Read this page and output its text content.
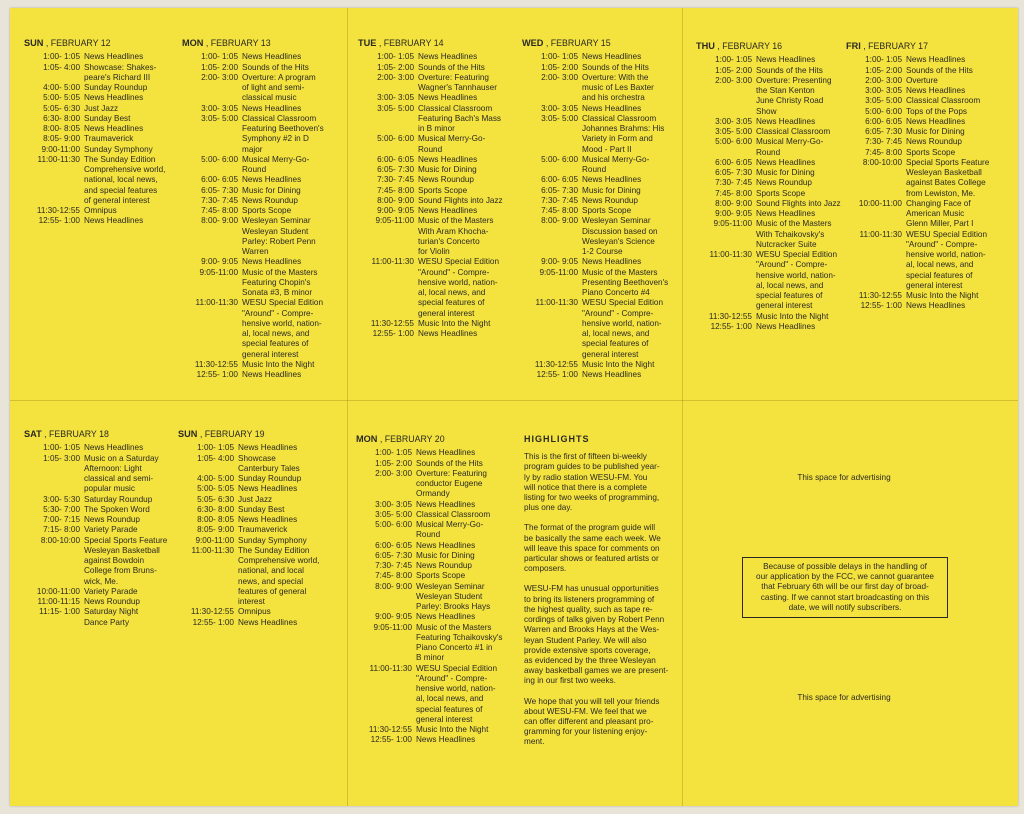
SUN , FEBRUARY 12
1:00- 1:05 News Headlines
1:05- 4:00 Showcase: Shakes-
peare's Richard III
4:00- 5:00 Sunday Roundup
5:00- 5:05 News Headlines
5:05- 6:30 Just Jazz
6:30- 8:00 Sunday Best
8:00- 8:05 News Headlines
8:05- 9:00 Traumaverick
9:00-11:00 Sunday Symphony
11:00-11:30 The Sunday Edition
Comprehensive world,
national, local news,
and special features
of general interest
11:30-12:55 Omnipus
12:55- 1:00 News Headlines
MON , FEBRUARY 13
1:00- 1:05 News Headlines
1:05- 2:00 Sounds of the Hits
2:00- 3:00 Overture: A program
of light and semi-
classical music
3:00- 3:05 News Headlines
3:05- 5:00 Classical Classroom
Featuring Beethoven's
Symphony #2 in D
major
5:00- 6:00 Musical Merry-Go-
Round
6:00- 6:05 News Headlines
6:05- 7:30 Music for Dining
7:30- 7:45 News Roundup
7:45- 8:00 Sports Scope
8:00- 9:00 Wesleyan Seminar
Wesleyan Student
Parley: Robert Penn
Warren
9:00- 9:05 News Headlines
9:05-11:00 Music of the Masters
Featuring Chopin's
Sonata #3, B minor
11:00-11:30 WESU Special Edition
"Around" - Compre-
hensive world, nation-
al, local news, and
special features of
general interest
11:30-12:55 Music Into the Night
12:55- 1:00 News Headlines
TUE , FEBRUARY 14
1:00- 1:05 News Headlines
1:05- 2:00 Sounds of the Hits
2:00- 3:00 Overture: Featuring
Wagner's Tannhauser
3:00- 3:05 News Headlines
3:05- 5:00 Classical Classroom
Featuring Bach's Mass
in B minor
5:00- 6:00 Musical Merry-Go-
Round
6:00- 6:05 News Headlines
6:05- 7:30 Music for Dining
7:30- 7:45 News Roundup
7:45- 8:00 Sports Scope
8:00- 9:00 Sound Flights into Jazz
9:00- 9:05 News Headlines
9:05-11:00 Music of the Masters
With Aram Khocha-
turian's Concerto
for Violin
11:00-11:30 WESU Special Edition
"Around" - Compre-
hensive world, nation-
al, local news, and
special features of
general interest
11:30-12:55 Music Into the Night
12:55- 1:00 News Headlines
WED , FEBRUARY 15
1:00- 1:05 News Headlines
1:05- 2:00 Sounds of the Hits
2:00- 3:00 Overture: With the
music of Les Baxter
and his orchestra
3:00- 3:05 News Headlines
3:05- 5:00 Classical Classroom
Johannes Brahms: His
Variety in Form and
Mood - Part II
5:00- 6:00 Musical Merry-Go-
Round
6:00- 6:05 News Headlines
6:05- 7:30 Music for Dining
7:30- 7:45 News Roundup
7:45- 8:00 Sports Scope
8:00- 9:00 Wesleyan Seminar
Discussion based on
Wesleyan's Science
1-2 Course
9:00- 9:05 News Headlines
9:05-11:00 Music of the Masters
Presenting Beethoven's
Piano Concerto #4
11:00-11:30 WESU Special Edition
"Around" - Compre-
hensive world, nation-
al, local news, and
special features of
general interest
11:30-12:55 Music Into the Night
12:55- 1:00 News Headlines
THU , FEBRUARY 16
1:00- 1:05 News Headlines
1:05- 2:00 Sounds of the Hits
2:00- 3:00 Overture: Presenting
the Stan Kenton
June Christy Road
Show
3:00- 3:05 News Headlines
3:05- 5:00 Classical Classroom
5:00- 6:00 Musical Merry-Go-
Round
6:00- 6:05 News Headlines
6:05- 7:30 Music for Dining
7:30- 7:45 News Roundup
7:45- 8:00 Sports Scope
8:00- 9:00 Sound Flights into Jazz
9:00- 9:05 News Headlines
9:05-11:00 Music of the Masters
With Tchaikovsky's
Nutcracker Suite
11:00-11:30 WESU Special Edition
"Around" - Compre-
hensive world, nation-
al, local news, and
special features of
general interest
11:30-12:55 Music Into the Night
12:55- 1:00 News Headlines
FRI , FEBRUARY 17
1:00- 1:05 News Headlines
1:05- 2:00 Sounds of the Hits
2:00- 3:00 Overture
3:00- 3:05 News Headlines
3:05- 5:00 Classical Classroom
5:00- 6:00 Tops of the Pops
6:00- 6:05 News Headlines
6:05- 7:30 Music for Dining
7:30- 7:45 News Roundup
7:45- 8:00 Sports Scope
8:00-10:00 Special Sports Feature
Wesleyan Basketball
against Bates College
from Lewiston, Me.
10:00-11:00 Changing Face of
American Music
Glenn Miller, Part I
11:00-11:30 WESU Special Edition
"Around" - Compre-
hensive world, nation-
al, local news, and
special features of
general interest
11:30-12:55 Music Into the Night
12:55- 1:00 News Headlines
SAT , FEBRUARY 18
1:00- 1:05 News Headlines
1:05- 3:00 Music on a Saturday
Afternoon: Light
classical and semi-
popular music
3:00- 5:30 Saturday Roundup
5:30- 7:00 The Spoken Word
7:00- 7:15 News Roundup
7:15- 8:00 Variety Parade
8:00-10:00 Special Sports Feature
Wesleyan Basketball
against Bowdoin
College from Bruns-
wick, Me.
10:00-11:00 Variety Parade
11:00-11:15 News Roundup
11:15- 1:00 Saturday Night
Dance Party
SUN , FEBRUARY 19
1:00- 1:05 News Headlines
1:05- 4:00 Showcase
Canterbury Tales
4:00- 5:00 Sunday Roundup
5:00- 5:05 News Headlines
5:05- 6:30 Just Jazz
6:30- 8:00 Sunday Best
8:00- 8:05 News Headlines
8:05- 9:00 Traumaverick
9:00-11:00 Sunday Symphony
11:00-11:30 The Sunday Edition
Comprehensive world,
national, and local
news, and special
features of general
interest
11:30-12:55 Omnipus
12:55- 1:00 News Headlines
MON , FEBRUARY 20
1:00- 1:05 News Headlines
1:05- 2:00 Sounds of the Hits
2:00- 3:00 Overture: Featuring
conductor Eugene
Ormandy
3:00- 3:05 News Headlines
3:05- 5:00 Classical Classroom
5:00- 6:00 Musical Merry-Go-
Round
6:00- 6:05 News Headlines
6:05- 7:30 Music for Dining
7:30- 7:45 News Roundup
7:45- 8:00 Sports Scope
8:00- 9:00 Wesleyan Seminar
Wesleyan Student
Parley: Brooks Hays
9:00- 9:05 News Headlines
9:05-11:00 Music of the Masters
Featuring Tchaikovsky's
Piano Concerto #1 in
B minor
11:00-11:30 WESU Special Edition
"Around" - Compre-
hensive world, nation-
al, local news, and
special features of
general interest
11:30-12:55 Music Into the Night
12:55- 1:00 News Headlines
HIGHLIGHTS

This is the first of fifteen bi-weekly
program guides to be published year-
ly by radio station WESU-FM. You
will notice that there is a complete
listing for two weeks of programming,
plus one day.

The format of the program guide will
be basically the same each week. We
will leave this space for comments on
particular shows or featured artists or
composers.

WESU-FM has unusual opportunities
to bring its listeners programming of
the highest quality, such as tape re-
cordings of talks given by Robert Penn
Warren and Brooks Hays at the Wes-
leyan Student Parley. We will also
provide extensive sports coverage,
as evidenced by the three Wesleyan
away basketball games we are present-
ing in our first two weeks.

We hope that you will tell your friends
about WESU-FM. We feel that we
can offer different and pleasant pro-
gramming for your listening enjoy-
ment.

This space for advertising
Because of possible delays in the handling of
our application by the FCC, we cannot guarantee
that February 6th will be our first day of broad-
casting. If we cannot start broadcasting on this
date, we will notify subscribers.
This space for advertising
